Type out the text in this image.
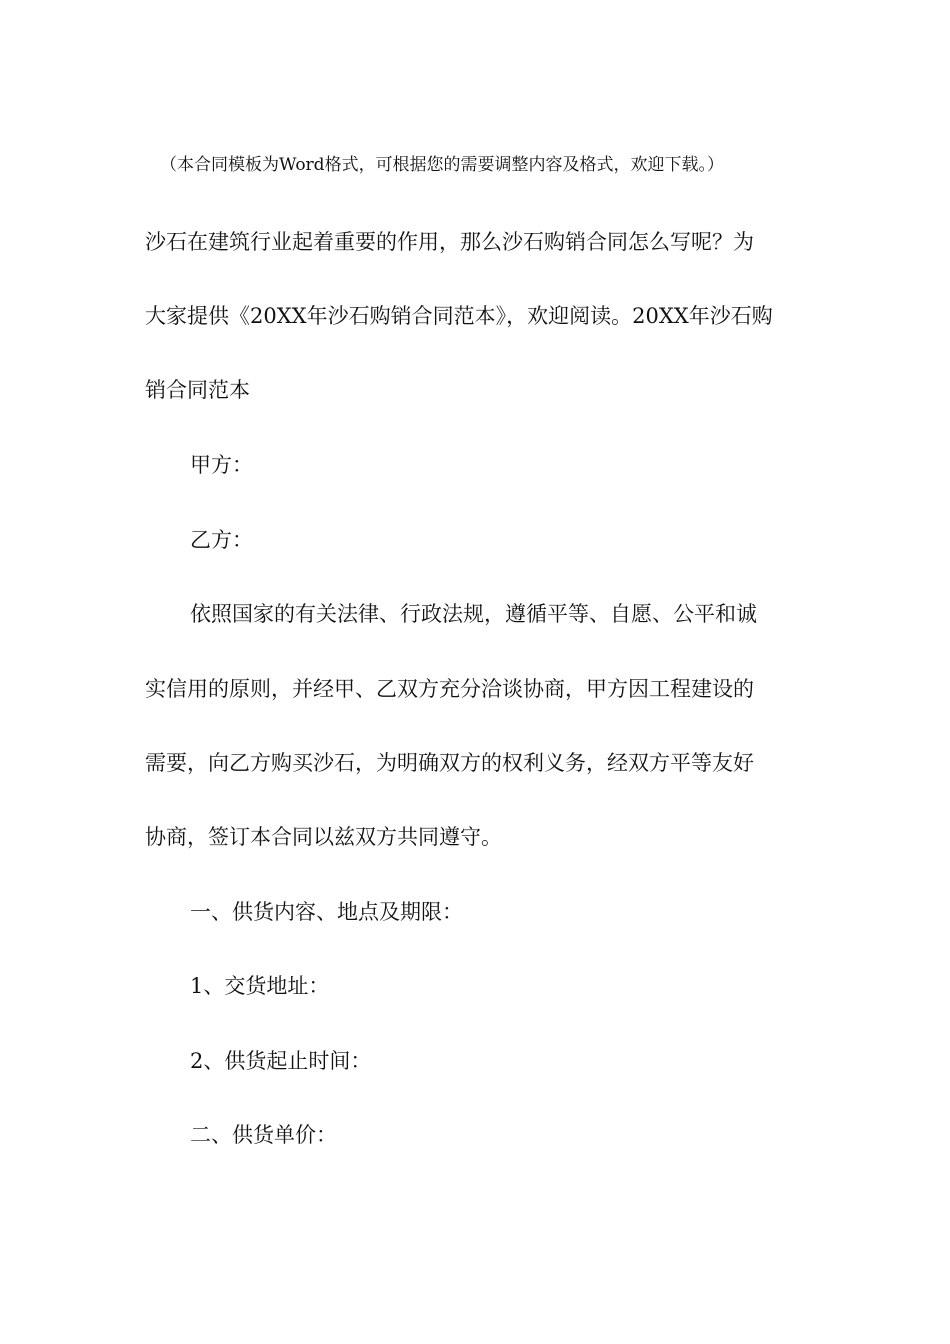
（本合同模板为Word格式，可根据您的需要调整内容及格式，欢迎下载。）
沙石在建筑行业起着重要的作用，那么沙石购销合同怎么写呢？为
大家提供《20XX年沙石购销合同范本》，欢迎阅读。20XX年沙石购
销合同范本
甲方：
乙方：
依照国家的有关法律、行政法规，遵循平等、自愿、公平和诚
实信用的原则，并经甲、乙双方充分洽谈协商，甲方因工程建设的
需要，向乙方购买沙石，为明确双方的权利义务，经双方平等友好
协商，签订本合同以兹双方共同遵守。
一、供货内容、地点及期限：
1、交货地址：
2、供货起止时间：
二、供货单价：
